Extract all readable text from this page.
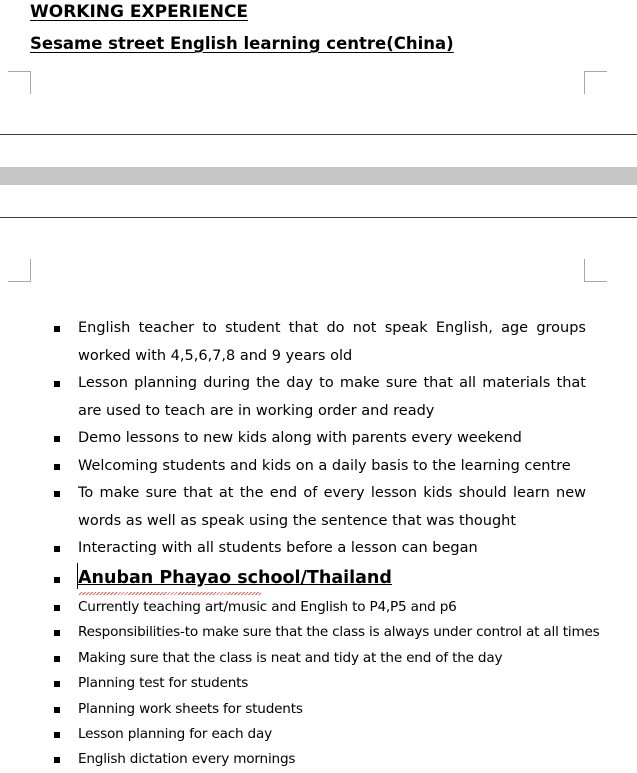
WORKING EXPERIENCE
Sesame street English learning centre(China)
English teacher to student that do not speak English, age groups worked with 4,5,6,7,8 and 9 years old
Lesson planning during the day to make sure that all materials that are used to teach are in working order and ready
Demo lessons to new kids along with parents every weekend
Welcoming students and kids on a daily basis to the learning centre
To make sure that at the end of every lesson kids should learn new words as well as speak using the sentence that was thought
Interacting with all students before a lesson can began
Anuban Phayao school/Thailand
Currently teaching art/music and English to P4,P5 and p6
Responsibilities-to make sure that the class is always under control at all times
Making sure that the class is neat and tidy at the end of the day
Planning test for students
Planning work sheets for students
Lesson planning for each day
English dictation every mornings
